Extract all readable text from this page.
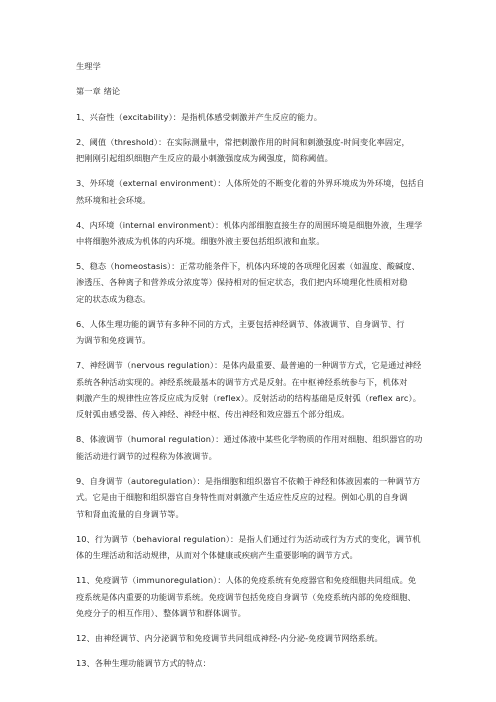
生理学
第一章 绪论
1、兴奋性（excitability）：是指机体感受刺激并产生反应的能力。
2、阈值（threshold）：在实际测量中，常把刺激作用的时间和刺激强度-时间变化率固定，
把刚刚引起组织细胞产生反应的最小刺激强度成为阈强度，简称阈值。
3、外环境（external environment）：人体所处的不断变化着的外界环境成为外环境，包括自
然环境和社会环境。
4、内环境（internal environment）：机体内部细胞直接生存的周围环境是细胞外液，生理学
中将细胞外液成为机体的内环境。细胞外液主要包括组织液和血浆。
5、稳态（homeostasis）：正常功能条件下，机体内环境的各项理化因素（如温度、酸碱度、
渗透压、各种离子和营养成分浓度等）保持相对的恒定状态，我们把内环境理化性质相对稳
定的状态成为稳态。
6、人体生理功能的调节有多种不同的方式，主要包括神经调节、体液调节、自身调节、行
为调节和免疫调节。
7、神经调节（nervous regulation）：是体内最重要、最普遍的一种调节方式，它是通过神经
系统各种活动实现的。神经系统最基本的调节方式是反射。在中枢神经系统参与下，机体对
刺激产生的规律性应答反应成为反射（reflex）。反射活动的结构基础是反射弧（reflex arc）。
反射弧由感受器、传入神经、神经中枢、传出神经和效应器五个部分组成。
8、体液调节（humoral regulation）：通过体液中某些化学物质的作用对细胞、组织器官的功
能活动进行调节的过程称为体液调节。
9、自身调节（autoregulation）：是指细胞和组织器官不依赖于神经和体液因素的一种调节方
式。它是由于细胞和组织器官自身特性而对刺激产生适应性反应的过程。例如心肌的自身调
节和肾血流量的自身调节等。
10、行为调节（behavioral regulation）：是指人们通过行为活动或行为方式的变化，调节机
体的生理活动和活动规律，从而对个体健康或疾病产生重要影响的调节方式。
11、免疫调节（immunoregulation）：人体的免疫系统有免疫器官和免疫细胞共同组成。免
疫系统是体内重要的功能调节系统。免疫调节包括免疫自身调节（免疫系统内部的免疫细胞、
免疫分子的相互作用）、整体调节和群体调节。
12、由神经调节、内分泌调节和免疫调节共同组成神经-内分泌-免疫调节网络系统。
13、各种生理功能调节方式的特点：
